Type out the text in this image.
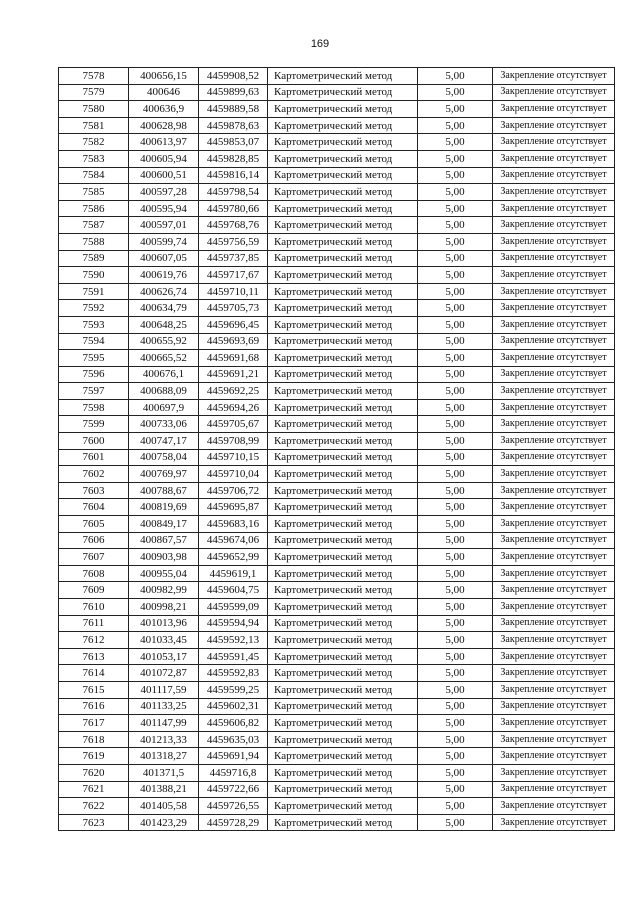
169
7578	400656,15	4459908,52	Картометрический метод	5,00	Закрепление отсутствует
7579	400646	4459899,63	Картометрический метод	5,00	Закрепление отсутствует
7580	400636,9	4459889,58	Картометрический метод	5,00	Закрепление отсутствует
7581	400628,98	4459878,63	Картометрический метод	5,00	Закрепление отсутствует
7582	400613,97	4459853,07	Картометрический метод	5,00	Закрепление отсутствует
7583	400605,94	4459828,85	Картометрический метод	5,00	Закрепление отсутствует
7584	400600,51	4459816,14	Картометрический метод	5,00	Закрепление отсутствует
7585	400597,28	4459798,54	Картометрический метод	5,00	Закрепление отсутствует
7586	400595,94	4459780,66	Картометрический метод	5,00	Закрепление отсутствует
7587	400597,01	4459768,76	Картометрический метод	5,00	Закрепление отсутствует
7588	400599,74	4459756,59	Картометрический метод	5,00	Закрепление отсутствует
7589	400607,05	4459737,85	Картометрический метод	5,00	Закрепление отсутствует
7590	400619,76	4459717,67	Картометрический метод	5,00	Закрепление отсутствует
7591	400626,74	4459710,11	Картометрический метод	5,00	Закрепление отсутствует
7592	400634,79	4459705,73	Картометрический метод	5,00	Закрепление отсутствует
7593	400648,25	4459696,45	Картометрический метод	5,00	Закрепление отсутствует
7594	400655,92	4459693,69	Картометрический метод	5,00	Закрепление отсутствует
7595	400665,52	4459691,68	Картометрический метод	5,00	Закрепление отсутствует
7596	400676,1	4459691,21	Картометрический метод	5,00	Закрепление отсутствует
7597	400688,09	4459692,25	Картометрический метод	5,00	Закрепление отсутствует
7598	400697,9	4459694,26	Картометрический метод	5,00	Закрепление отсутствует
7599	400733,06	4459705,67	Картометрический метод	5,00	Закрепление отсутствует
7600	400747,17	4459708,99	Картометрический метод	5,00	Закрепление отсутствует
7601	400758,04	4459710,15	Картометрический метод	5,00	Закрепление отсутствует
7602	400769,97	4459710,04	Картометрический метод	5,00	Закрепление отсутствует
7603	400788,67	4459706,72	Картометрический метод	5,00	Закрепление отсутствует
7604	400819,69	4459695,87	Картометрический метод	5,00	Закрепление отсутствует
7605	400849,17	4459683,16	Картометрический метод	5,00	Закрепление отсутствует
7606	400867,57	4459674,06	Картометрический метод	5,00	Закрепление отсутствует
7607	400903,98	4459652,99	Картометрический метод	5,00	Закрепление отсутствует
7608	400955,04	4459619,1	Картометрический метод	5,00	Закрепление отсутствует
7609	400982,99	4459604,75	Картометрический метод	5,00	Закрепление отсутствует
7610	400998,21	4459599,09	Картометрический метод	5,00	Закрепление отсутствует
7611	401013,96	4459594,94	Картометрический метод	5,00	Закрепление отсутствует
7612	401033,45	4459592,13	Картометрический метод	5,00	Закрепление отсутствует
7613	401053,17	4459591,45	Картометрический метод	5,00	Закрепление отсутствует
7614	401072,87	4459592,83	Картометрический метод	5,00	Закрепление отсутствует
7615	401117,59	4459599,25	Картометрический метод	5,00	Закрепление отсутствует
7616	401133,25	4459602,31	Картометрический метод	5,00	Закрепление отсутствует
7617	401147,99	4459606,82	Картометрический метод	5,00	Закрепление отсутствует
7618	401213,33	4459635,03	Картометрический метод	5,00	Закрепление отсутствует
7619	401318,27	4459691,94	Картометрический метод	5,00	Закрепление отсутствует
7620	401371,5	4459716,8	Картометрический метод	5,00	Закрепление отсутствует
7621	401388,21	4459722,66	Картометрический метод	5,00	Закрепление отсутствует
7622	401405,58	4459726,55	Картометрический метод	5,00	Закрепление отсутствует
7623	401423,29	4459728,29	Картометрический метод	5,00	Закрепление отсутствует
